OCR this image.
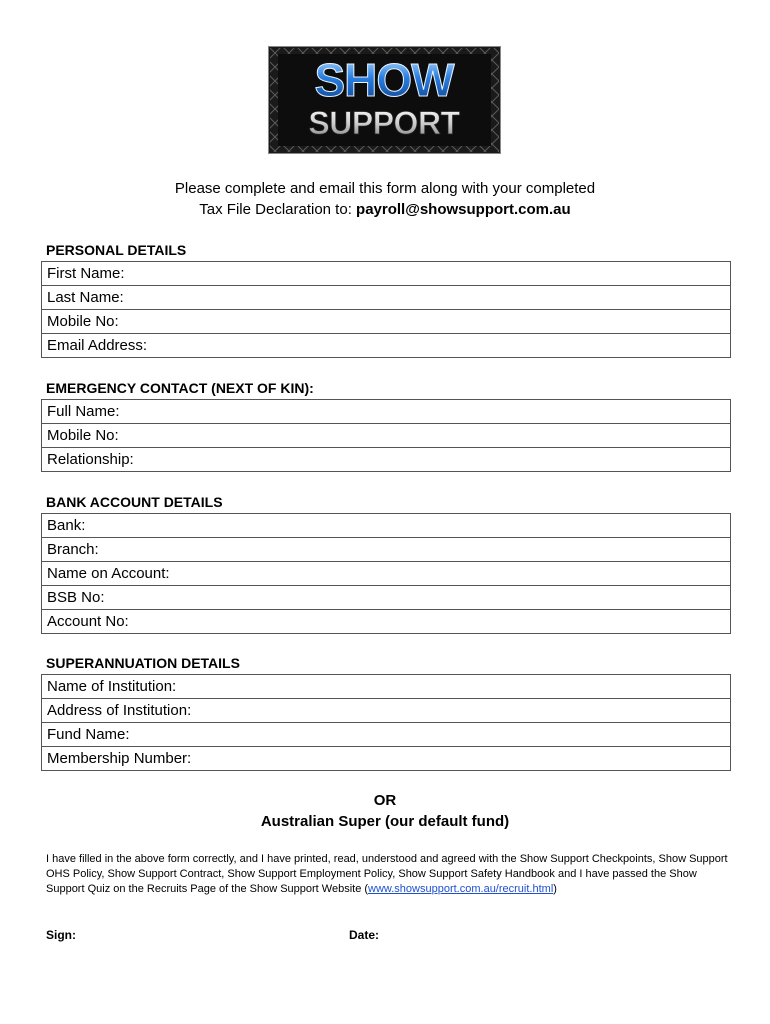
SHOW
SUPPORT
Please complete and email this form along with your completed
Tax File Declaration to: payroll@showsupport.com.au
PERSONAL DETAILS
First Name:
Last Name:
Mobile No:
Email Address:
EMERGENCY CONTACT (NEXT OF KIN):
Full Name:
Mobile No:
Relationship:
BANK ACCOUNT DETAILS
Bank:
Branch:
Name on Account:
BSB No:
Account No:
SUPERANNUATION DETAILS
Name of Institution:
Address of Institution:
Fund Name:
Membership Number:
OR
Australian Super (our default fund)
I have filled in the above form correctly, and I have printed, read, understood and agreed with the Show Support Checkpoints, Show Support OHS Policy, Show Support Contract, Show Support Employment Policy, Show Support Safety Handbook and I have passed the Show Support Quiz on the Recruits Page of the Show Support Website (www.showsupport.com.au/recruit.html)
Sign:	Date:
